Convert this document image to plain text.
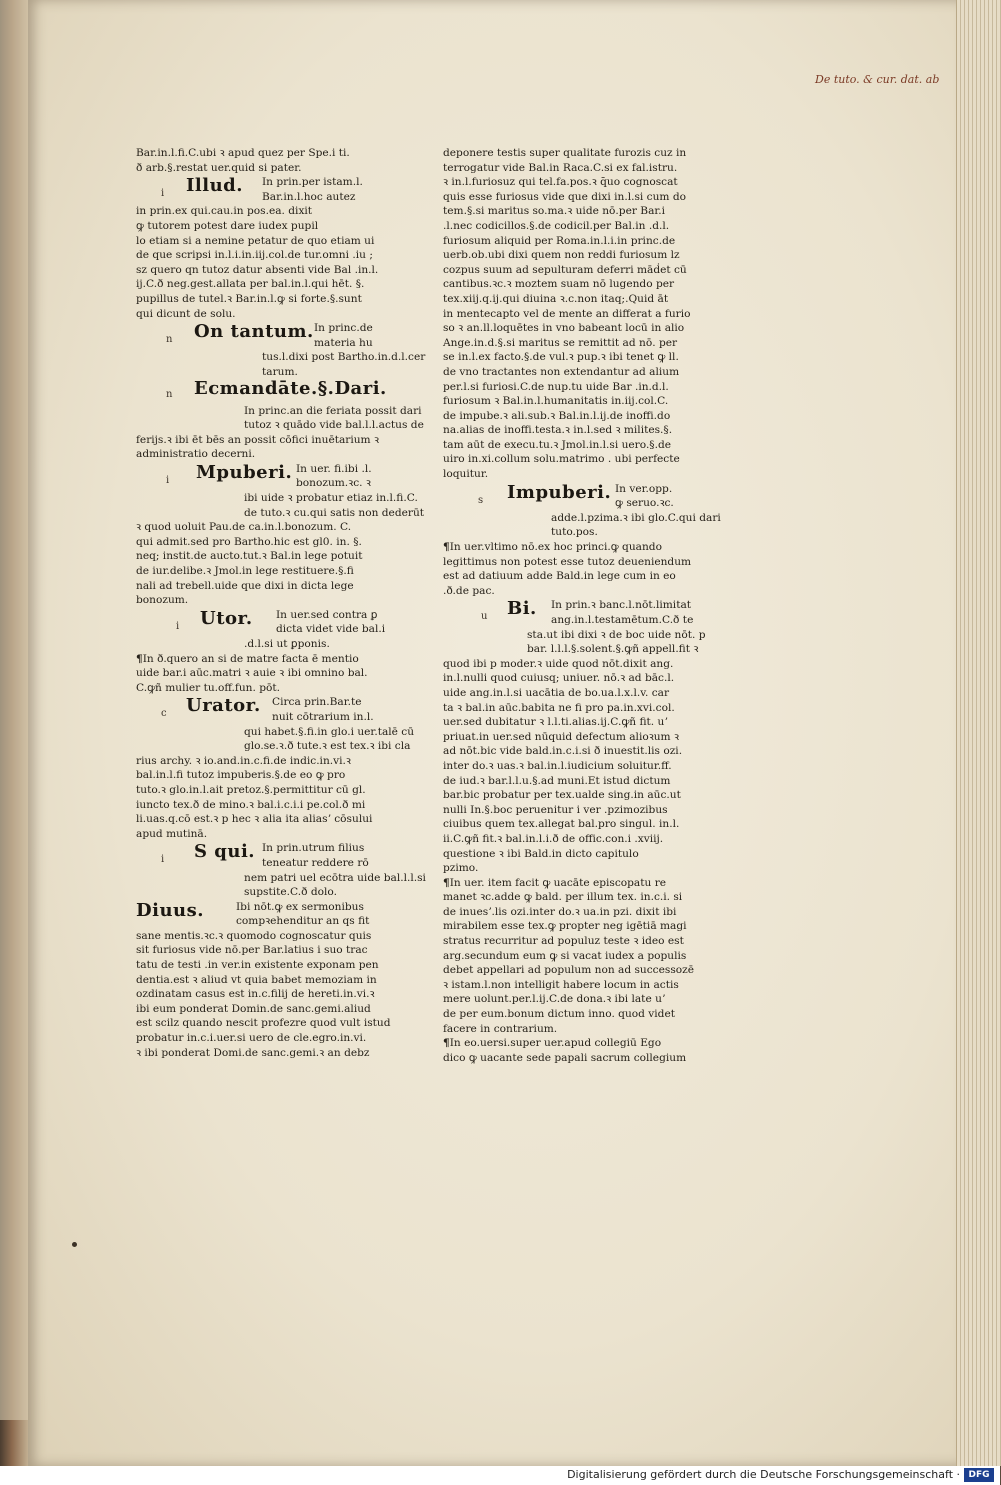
De tuto. & cur. dat. ab
Bar.in.l.fi.C.ubi ꝛ apud quez per Spe.i ti.
ð arb.§.restat uer.quid si pater.
i Illud. In prin.per istam.l.
Bar.in.l.hoc autez
in prin.ex qui.cau.in pos.ea. dixit
ꝙ tutorem potest dare iudex pupil
lo etiam si a nemine petatur de quo etiam ui
de que scripsi in.l.i.in.iij.col.de tur.omni .iu ;
sz quero qn tutoz datur absenti vide Bal .in.l.
ij.C.ð neg.gest.allata per bal.in.l.qui hēt. §.
pupillus de tutel.ꝛ Bar.in.l.ꝙ si forte.§.sunt
qui dicunt de solu.
n On tantum. In princ.de
materia hu
tus.l.dixi post Bartho.in.d.l.cer
tarum.
n Ecmandāte.§.Dari.
In princ.an die feriata possit dari
tutoz ꝛ quādo vide bal.l.l.actus de
ferijs.ꝛ ibi ēt bēs an possit cōfici inuētarium ꝛ
administratio decerni.
i Mpuberi. In uer. fi.ibi .l.
bonozum.ꝛc. ꝛ
ibi uide ꝛ probatur etiaz in.l.fi.C.
de tuto.ꝛ cu.qui satis non dederūt
ꝛ quod uoluit Pau.de ca.in.l.bonozum. C.
qui admit.sed pro Bartho.hic est gl0. in. §.
neq; instit.de aucto.tut.ꝛ Bal.in lege potuit
de iur.delibe.ꝛ Jmol.in lege restituere.§.fi
nali ad trebell.uide que dixi in dicta lege
bonozum.
i Utor. In uer.sed contra ꝑ
dicta videt vide bal.i
.d.l.si ut ꝑponis.
¶In ð.quero an si de matre facta ē mentio
uide bar.i aūc.matri ꝛ auie ꝛ ibi omnino bal.
C.ꝙñ mulier tu.off.fun. pōt.
c Urator. Circa prin.Bar.te
nuit cōtrarium in.l.
qui habet.§.fi.in glo.i uer.talē cū
glo.se.ꝛ.ð tute.ꝛ est tex.ꝛ ibi cla
rius archy. ꝛ io.and.in.c.fi.de indic.in.vi.ꝛ
bal.in.l.fi tutoz impuberis.§.de eo ꝙ pro
tuto.ꝛ glo.in.l.ait pretoz.§.permittitur cū gl.
iuncto tex.ð de mino.ꝛ bal.i.c.i.i pe.col.ð mi
li.uas.q.cō est.ꝛ p hec ꝛ alia ita aliasʼ cōsului
apud mutinā.
i S qui. In prin.utrum filius
teneatur reddere rō
nem patri uel ecōtra uide bal.l.l.si
supstite.C.ð dolo.
Diuus.	Ibi nōt.ꝙ ex sermonibus
compꝛehenditur an qs fit
sane mentis.ꝛc.ꝛ quomodo cognoscatur quis
sit furiosus vide nō.per Bar.latius i suo trac
tatu de testi .in ver.in existente exponam pen
dentia.est ꝛ aliud vt quia babet memoziam in
ozdinatam casus est in.c.filij de hereti.in.vi.ꝛ
ibi eum ponderat Domin.de sanc.gemi.aliud
est scilz quando nescit profezre quod vult istud
probatur in.c.i.uer.si uero de cle.egro.in.vi.
ꝛ ibi ponderat Domi.de sanc.gemi.ꝛ an debz
deponere testis super qualitate furozis cuz in
terrogatur vide Bal.in Raca.C.si ex fal.istru.
ꝛ in.l.furiosuz qui tel.fa.pos.ꝛ q̄uo cognoscat
quis esse furiosus vide que dixi in.l.si cum do
tem.§.si maritus so.ma.ꝛ uide nō.per Bar.i
.l.nec codicillos.§.de codicil.per Bal.in .d.l.
furiosum aliquid per Roma.in.l.i.in princ.de
uerb.ob.ubi dixi quem non reddi furiosum lz
cozpus suum ad sepulturam deferri māḋet cū
cantibus.ꝛc.ꝛ moztem suam nō lugendo per
tex.xiij.q.ij.qui diuina ꝛ.c.non itaq;.Quid āt
in mentecapto vel de mente an differat a furio
so ꝛ an.ll.loquētes in vno babeant locū in alio
Ange.in.d.§.si maritus se remittit ad nō. per
se in.l.ex facto.§.de vul.ꝛ pup.ꝛ ibi tenet ꝙ ll.
de vno tractantes non extendantur ad alium
per.l.si furiosi.C.de nup.tu uide Bar .in.d.l.
furiosum ꝛ Bal.in.l.humanitatis in.iij.col.C.
de impube.ꝛ ali.sub.ꝛ Bal.in.l.ij.de inoffi.do
na.alias de inoffi.testa.ꝛ in.l.sed ꝛ milites.§.
tam aūt de execu.tu.ꝛ Jmol.in.l.si uero.§.de
uiro in.xi.collum solu.matrimo . ubi perfecte
loquitur.
s Impuberi. In ver.opp.
ꝙ seruo.ꝛc.
adde.l.pzima.ꝛ ibi glo.C.qui dari
tuto.pos.
¶In uer.vltimo nō.ex hoc princi.ꝙ quando
legittimus non potest esse tutoz deueniendum
est ad datiuum adde Bald.in lege cum in eo
.ð.de pac.
u Bi. In prin.ꝛ banc.l.nōt.limitat
ang.in.l.testamētum.C.ð te
sta.ut ibi dixi ꝛ de boc uide nōt. p
bar. l.l.l.§.solent.§.ꝙñ appell.fit ꝛ
quod ibi p moder.ꝛ uide quod nōt.dixit ang.
in.l.nulli quod cuiusq; uniuer. nō.ꝛ ad bāc.l.
uide ang.in.l.si uacātia de bo.ua.l.x.l.v. car
ta ꝛ bal.in aūc.babita ne fi pro pa.in.xvi.col.
uer.sed dubitatur ꝛ l.l.ti.alias.ij.C.ꝙñ fit. uʼ
priuat.in uer.sed nūquid defectum alioꝛum ꝛ
ad nōt.bic vide bald.in.c.i.si ð inuestit.lis ozi.
inter do.ꝛ uas.ꝛ bal.in.l.iudicium soluitur.ff.
de iud.ꝛ bar.l.l.u.§.ad muni.Et istud dictum
bar.bic probatur per tex.ualde sing.in aūc.ut
nulli In.§.boc peruenitur i ver .pzimozibus
ciuibus quem tex.allegat bal.pro singul. in.l.
ii.C.ꝙñ fit.ꝛ bal.in.l.i.ð de offic.con.i .xviij.
questione ꝛ ibi Bald.in dicto capitulo
pzimo.
¶In uer. item facit ꝙ uacāte episcopatu re
manet ꝛc.adde ꝙ bald. per illum tex. in.c.i. si
de inuesʼ.lis ozi.inter do.ꝛ ua.in pzi. dixit ibi
mirabilem esse tex.ꝙ propter neg igētiā magi
stratus recurritur ad populuz teste ꝛ ideo est
arg.secundum eum ꝙ si vacat iudex a populis
debet appellari ad populum non ad successozē
ꝛ istam.l.non intelligit habere locum in actis
mere uolunt.per.l.ij.C.de dona.ꝛ ibi late uʼ
de per eum.bonum dictum inno. quod videt
facere in contrarium.
¶In eo.uersi.super uer.apud collegiū Ego
dico ꝙ uacante sede papali sacrum collegium
Digitalisierung gefördert durch die Deutsche Forschungsgemeinschaft · DFG
